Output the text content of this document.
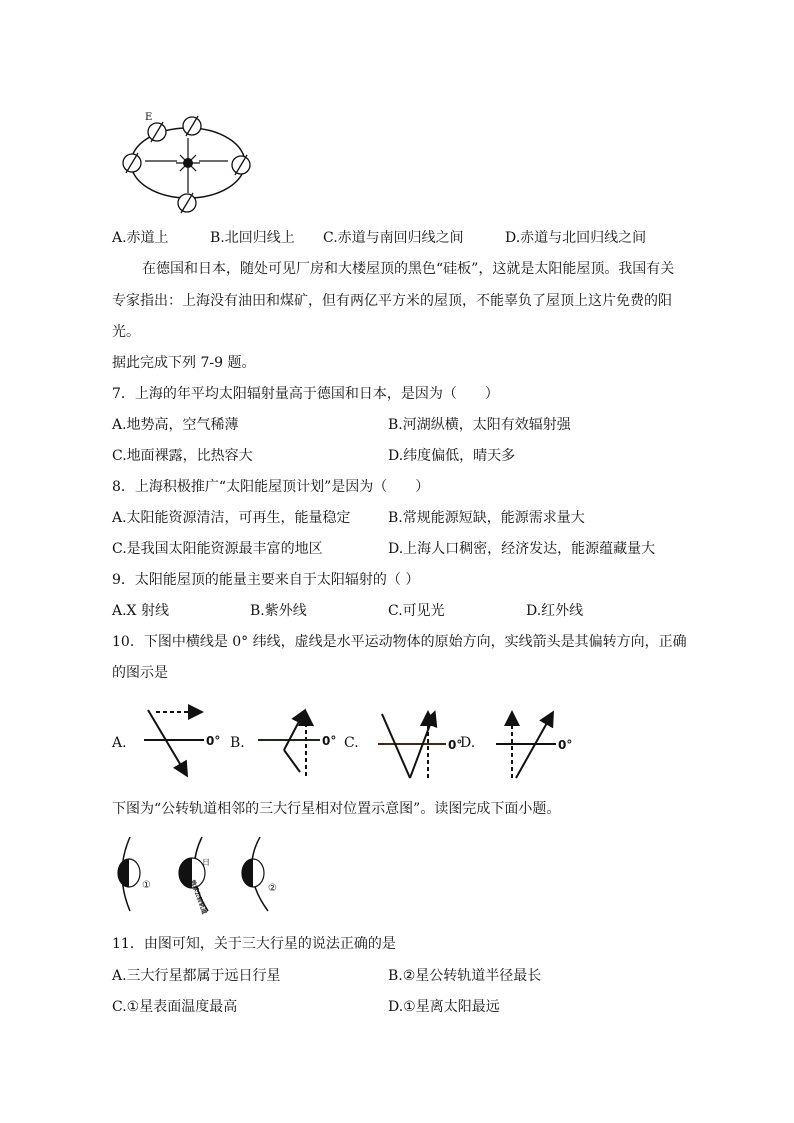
E
A.赤道上	B.北回归线上 C.赤道与南回归线之间	D.赤道与北回归线之间
在德国和日本，随处可见厂房和大楼屋顶的黑色“硅板”，这就是太阳能屋顶。我国有关
专家指出：上海没有油田和煤矿，但有两亿平方米的屋顶，不能辜负了屋顶上这片免费的阳
光。
据此完成下列 7-9 题。
7．上海的年平均太阳辐射量高于德国和日本，是因为（　　）
A.地势高，空气稀薄	B.河湖纵横，太阳有效辐射强
C.地面裸露，比热容大	D.纬度偏低，晴天多
8．上海积极推广“太阳能屋顶计划”是因为（　　）
A.太阳能资源清洁，可再生，能量稳定	B.常规能源短缺，能源需求量大
C.是我国太阳能资源最丰富的地区	D.上海人口稠密，经济发达，能源蕴藏量大
9．太阳能屋顶的能量主要来自于太阳辐射的（ ）
A.X 射线	B.紫外线	C.可见光	D.红外线
10．下图中横线是 0° 纬线，虚线是水平运动物体的原始方向，实线箭头是其偏转方向，正确
的图示是
A.	0° B.	0° C.	0°
D.	0°
下图为“公转轨道相邻的三大行星相对位置示意图”。读图完成下面小题。
①
日
地球公转轨道	②
11．由图可知，关于三大行星的说法正确的是
A.三大行星都属于远日行星	B.②星公转轨道半径最长
C.①星表面温度最高	D.①星离太阳最远
